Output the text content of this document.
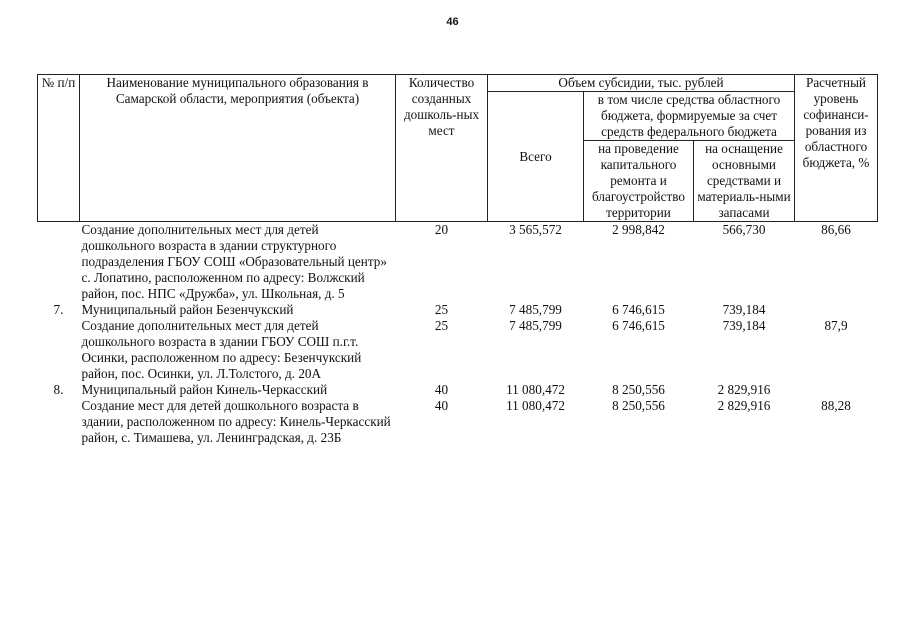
46
№ п/п	Наименование муниципального образования в Самарской области, мероприятия (объекта)	Количество созданных дошколь-ных мест	Объем субсидии, тыс. рублей			Расчетный уровень софинанси-рования из областного бюджета, %
			Всего	в том числе средства областного бюджета, формируемые за счет средств федерального бюджета		
				на проведение капитального ремонта и благоустройство территории	на оснащение основными средствами и материаль-ными запасами	
	Создание дополнительных мест для детей дошкольного возраста в здании структурного подразделения ГБОУ СОШ «Образовательный центр» с. Лопатино, расположенном по адресу: Волжский район, пос. НПС «Дружба», ул. Школьная, д. 5	20	3 565,572	2 998,842	566,730	86,66
7.	Муниципальный район Безенчукский	25	7 485,799	6 746,615	739,184	
	Создание дополнительных мест для детей дошкольного возраста в здании ГБОУ СОШ п.г.т. Осинки, расположенном по адресу: Безенчукский район, пос. Осинки, ул. Л.Толстого, д. 20А	25	7 485,799	6 746,615	739,184	87,9
8.	Муниципальный район Кинель-Черкасский	40	11 080,472	8 250,556	2 829,916	
	Создание мест для детей дошкольного возраста в здании, расположенном по адресу: Кинель-Черкасский район, с. Тимашева, ул. Ленинградская, д. 23Б	40	11 080,472	8 250,556	2 829,916	88,28
